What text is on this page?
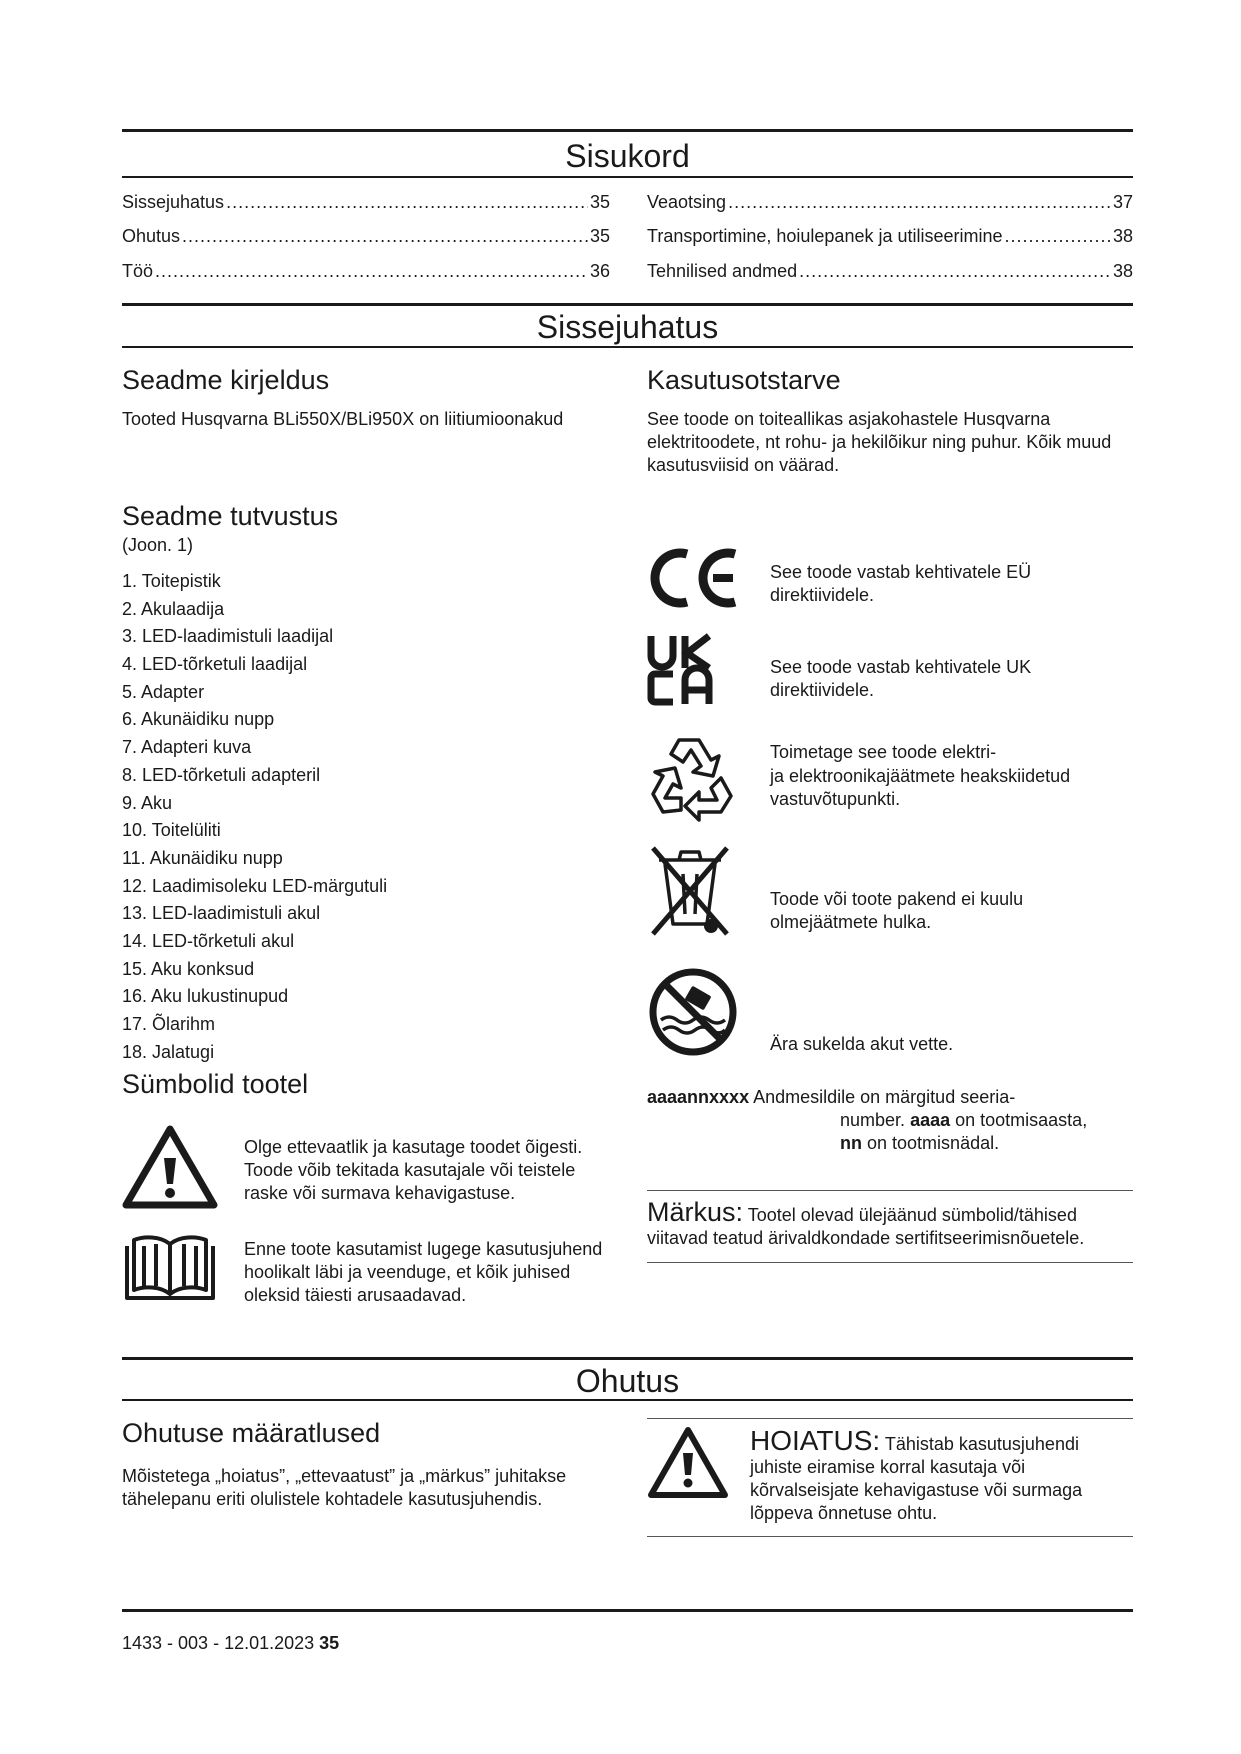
Sisukord
Sissejuhatus .....	35
Ohutus .....	35
Töö .....	36
Veaotsing .....	37
Transportimine, hoiulepanek ja utiliseerimine .....	38
Tehnilised andmed .....	38
Sissejuhatus
Seadme kirjeldus
Tooted Husqvarna BLi550X/BLi950X on liitiumioonakud
Kasutusotstarve
See toode on toiteallikas asjakohastele Husqvarna elektritoodete, nt rohu- ja hekilõikur ning puhur. Kõik muud kasutusviisid on väärad.
Seadme tutvustus
(Joon. 1)
1. Toitepistik
2. Akulaadija
3. LED-laadimistuli laadijal
4. LED-tõrketuli laadijal
5. Adapter
6. Akunäidiku nupp
7. Adapteri kuva
8. LED-tõrketuli adapteril
9. Aku
10. Toitelüliti
11. Akunäidiku nupp
12. Laadimisoleku LED-märgutuli
13. LED-laadimistuli akul
14. LED-tõrketuli akul
15. Aku konksud
16. Aku lukustinupud
17. Õlarihm
18. Jalatugi
Sümbolid tootel
Olge ettevaatlik ja kasutage toodet õigesti. Toode võib tekitada kasutajale või teistele raske või surmava kehavigastuse.
Enne toote kasutamist lugege kasutusjuhend hoolikalt läbi ja veenduge, et kõik juhised oleksid täiesti arusaadavad.
See toode vastab kehtivatele EÜ direktiividele.
See toode vastab kehtivatele UK direktiividele.
Toimetage see toode elektri-
ja elektroonikajäätmete heakskiidetud vastuvõtupunkti.
Toode või toote pakend ei kuulu olmejäätmete hulka.
Ära sukelda akut vette.
aaaannxxxx Andmesildile on märgitud seeria-
number. aaaa on tootmisaasta,
nn on tootmisnädal.
Märkus: Tootel olevad ülejäänud sümbolid/tähised viitavad teatud ärivaldkondade sertifitseerimisnõuetele.
Ohutus
Ohutuse määratlused
Mõistetega „hoiatus”, „ettevaatust” ja „märkus” juhitakse tähelepanu eriti olulistele kohtadele kasutusjuhendis.
HOIATUS: Tähistab kasutusjuhendi juhiste eiramise korral kasutaja või kõrvalseisjate kehavigastuse või surmaga lõppeva õnnetuse ohtu.
1433 - 003 - 12.01.2023 35
